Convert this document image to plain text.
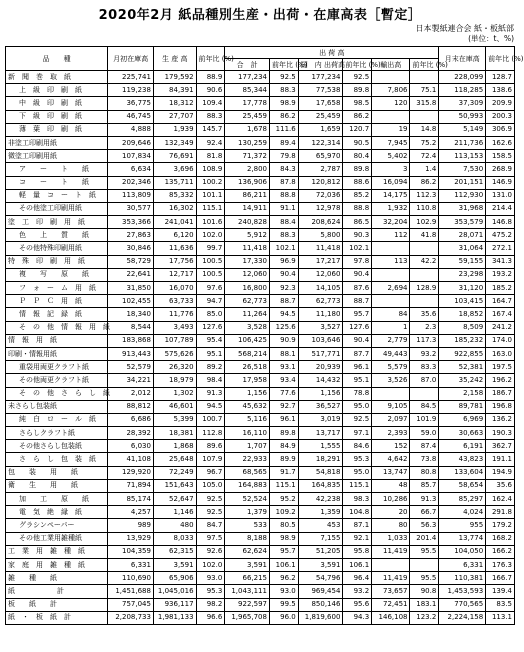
2020年2月 紙品種別生産・出荷・在庫高表［暫定］
日本製紙連合会 紙・板紙部
(単位：t、%)
品　　種	月初在庫高	生 産 高	前年比 (%)	出 荷 高						月末在庫高	前年比 (%)
				合　計	前年比 (%)	国　内 出荷高	前年比 (%)	輸出高	前年比 (%)		
新　聞　巻　取　紙	225,741	179,592	88.9	177,234	92.5	177,234	92.5			228,099	128.7
上　級　印　刷　紙	119,238	84,391	90.6	85,344	88.3	77,538	89.8	7,806	75.1	118,285	138.6
中　級　印　刷　紙	36,775	18,312	109.4	17,778	98.9	17,658	98.5	120	315.8	37,309	209.9
下　級　印　刷　紙	46,745	27,707	88.3	25,459	86.2	25,459	86.2			50,993	200.3
薄　葉　印　刷　紙	4,888	1,939	145.7	1,678	111.6	1,659	120.7	19	14.8	5,149	306.9
非塗工印刷用紙	209,646	132,349	92.4	130,259	89.4	122,314	90.5	7,945	75.2	211,736	162.6
微塗工印刷用紙	107,834	76,691	81.8	71,372	79.8	65,970	80.4	5,402	72.4	113,153	158.5
ア　　ー　　ト　　紙	6,634	3,696	108.9	2,800	84.3	2,787	89.8	3	1.4	7,530	268.9
コ　　ー　　ト　　紙	202,346	135,711	100.2	136,906	87.8	120,812	88.6	16,094	86.2	201,151	146.9
軽　量　コ　ー　ト　紙	113,809	85,332	101.1	86,211	88.8	72,036	85.2	14,175	112.3	112,930	131.0
その他塗工印刷用紙	30,577	16,302	115.1	14,911	91.1	12,978	88.8	1,932	110.8	31,968	214.4
塗　工　印　刷　用　紙	353,366	241,041	101.6	240,828	88.4	208,624	86.5	32,204	102.9	353,579	146.8
色　　上　　質　　紙	27,863	6,120	102.0	5,912	88.3	5,800	90.3	112	41.8	28,071	475.2
その他特殊印刷用紙	30,846	11,636	99.7	11,418	102.1	11,418	102.1			31,064	272.1
特　殊　印　刷　用　紙	58,729	17,756	100.5	17,330	96.9	17,217	97.8	113	42.2	59,155	341.3
複　　写　　原　　紙	22,641	12,717	100.5	12,060	90.4	12,060	90.4			23,298	193.2
フ　ォ　ー　ム　用　紙	31,850	16,070	97.6	16,800	92.3	14,105	87.6	2,694	128.9	31,120	185.2
Ｐ　Ｐ　Ｃ　用　紙	102,455	63,733	94.7	62,773	88.7	62,773	88.7			103,415	164.7
情　報　記　録　紙	18,340	11,776	85.0	11,264	94.5	11,180	95.7	84	35.6	18,852	167.4
そ　の　他　情　報　用　紙	8,544	3,493	127.6	3,528	125.6	3,527	127.6	1	2.3	8,509	241.2
情　報　用　紙	183,868	107,789	95.4	106,425	90.9	103,646	90.4	2,779	117.3	185,232	174.0
印刷・情報用紙	913,443	575,626	95.1	568,214	88.1	517,771	87.7	49,443	93.2	922,855	163.0
重袋用両更クラフト紙	52,579	26,320	89.2	26,518	93.1	20,939	96.1	5,579	83.3	52,381	197.5
その他両更クラフト紙	34,221	18,979	98.4	17,958	93.4	14,432	95.1	3,526	87.0	35,242	196.2
そ　の　他　さ　ら　し　紙	2,012	1,302	91.3	1,156	77.6	1,156	78.8			2,158	186.7
未さらし包装紙	88,812	46,601	94.5	45,632	92.7	36,527	95.0	9,105	84.5	89,781	196.8
純　白　ロ　ー　ル　紙	6,686	5,399	100.7	5,116	96.1	3,019	92.5	2,097	101.9	6,969	136.2
さらしクラフト紙	28,392	18,381	112.8	16,110	89.8	13,717	97.1	2,393	59.0	30,663	190.3
その他さらし包装紙	6,030	1,868	89.6	1,707	84.9	1,555	84.6	152	87.4	6,191	362.7
さ　ら　し　包　装　紙	41,108	25,648	107.9	22,933	89.9	18,291	95.3	4,642	73.8	43,823	191.1
包　　装　　用　　紙	129,920	72,249	96.7	68,565	91.7	54,818	95.0	13,747	80.8	133,604	194.9
衛　　生　　用　　紙	71,894	151,643	105.0	164,883	115.1	164,835	115.1	48	85.7	58,654	35.6
加　　工　　原　　紙	85,174	52,647	92.5	52,524	95.2	42,238	98.3	10,286	91.3	85,297	162.4
電　気　絶　縁　紙	4,257	1,146	92.5	1,379	109.2	1,359	104.8	20	66.7	4,024	291.8
グラシンペーパー	989	480	84.7	533	80.5	453	87.1	80	56.3	955	179.2
その他工業用雑種紙	13,929	8,033	97.5	8,188	98.9	7,155	92.1	1,033	201.4	13,774	168.2
工　業　用　雑　種　紙	104,359	62,315	92.6	62,624	95.7	51,205	95.8	11,419	95.5	104,050	166.2
家　庭　用　雑　種　紙	6,331	3,591	102.0	3,591	106.1	3,591	106.1			6,331	176.3
雑　　種　　紙	110,690	65,906	93.0	66,215	96.2	54,796	96.4	11,419	95.5	110,381	166.7
紙　　　　　　計	1,451,688	1,045,016	95.3	1,043,111	93.0	969,454	93.2	73,657	90.8	1,453,593	139.4
板　　紙　　計	757,045	936,117	98.2	922,597	99.5	850,146	95.6	72,451	183.1	770,565	83.5
紙　・　板　紙　計	2,208,733	1,981,133	96.6	1,965,708	96.0	1,819,600	94.3	146,108	123.2	2,224,158	113.1
